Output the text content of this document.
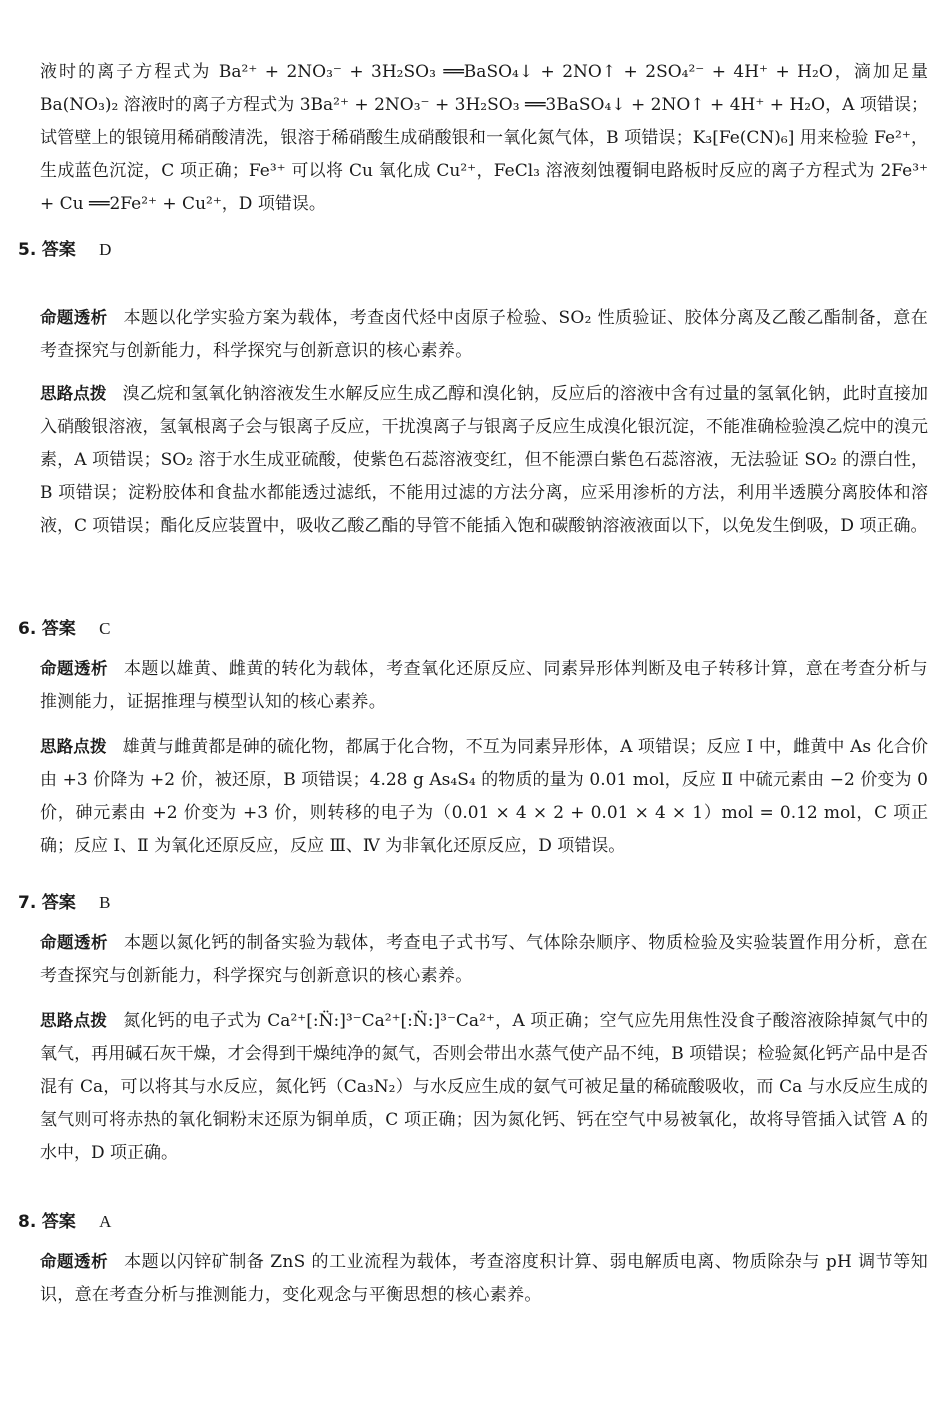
液时的离子方程式为 Ba²⁺ + 2NO₃⁻ + 3H₂SO₃ ══BaSO₄↓ + 2NO↑ + 2SO₄²⁻ + 4H⁺ + H₂O，滴加足量 Ba(NO₃)₂ 溶液时的离子方程式为 3Ba²⁺ + 2NO₃⁻ + 3H₂SO₃ ══3BaSO₄↓ + 2NO↑ + 4H⁺ + H₂O，A 项错误；试管壁上的银镜用稀硝酸清洗，银溶于稀硝酸生成硝酸银和一氧化氮气体，B 项错误；K₃[Fe(CN)₆] 用来检验 Fe²⁺，生成蓝色沉淀，C 项正确；Fe³⁺ 可以将 Cu 氧化成 Cu²⁺，FeCl₃ 溶液刻蚀覆铜电路板时反应的离子方程式为 2Fe³⁺ + Cu ══2Fe²⁺ + Cu²⁺，D 项错误。
5. 答案 D
命题透析 本题以化学实验方案为载体，考查卤代烃中卤原子检验、SO₂ 性质验证、胶体分离及乙酸乙酯制备，意在考查探究与创新能力，科学探究与创新意识的核心素养。
思路点拨 溴乙烷和氢氧化钠溶液发生水解反应生成乙醇和溴化钠，反应后的溶液中含有过量的氢氧化钠，此时直接加入硝酸银溶液，氢氧根离子会与银离子反应，干扰溴离子与银离子反应生成溴化银沉淀，不能准确检验溴乙烷中的溴元素，A 项错误；SO₂ 溶于水生成亚硫酸，使紫色石蕊溶液变红，但不能漂白紫色石蕊溶液，无法验证 SO₂ 的漂白性，B 项错误；淀粉胶体和食盐水都能透过滤纸，不能用过滤的方法分离，应采用渗析的方法，利用半透膜分离胶体和溶液，C 项错误；酯化反应装置中，吸收乙酸乙酯的导管不能插入饱和碳酸钠溶液液面以下，以免发生倒吸，D 项正确。
6. 答案 C
命题透析 本题以雄黄、雌黄的转化为载体，考查氧化还原反应、同素异形体判断及电子转移计算，意在考查分析与推测能力，证据推理与模型认知的核心素养。
思路点拨 雄黄与雌黄都是砷的硫化物，都属于化合物，不互为同素异形体，A 项错误；反应 Ⅰ 中，雌黄中 As 化合价由 +3 价降为 +2 价，被还原，B 项错误；4.28 g As₄S₄ 的物质的量为 0.01 mol，反应 Ⅱ 中硫元素由 −2 价变为 0 价，砷元素由 +2 价变为 +3 价，则转移的电子为（0.01 × 4 × 2 + 0.01 × 4 × 1）mol = 0.12 mol，C 项正确；反应 Ⅰ、Ⅱ 为氧化还原反应，反应 Ⅲ、Ⅳ 为非氧化还原反应，D 项错误。
7. 答案 B
命题透析 本题以氮化钙的制备实验为载体，考查电子式书写、气体除杂顺序、物质检验及实验装置作用分析，意在考查探究与创新能力，科学探究与创新意识的核心素养。
思路点拨 氮化钙的电子式为 Ca²⁺[:N̈:]³⁻Ca²⁺[:N̈:]³⁻Ca²⁺，A 项正确；空气应先用焦性没食子酸溶液除掉氮气中的氧气，再用碱石灰干燥，才会得到干燥纯净的氮气，否则会带出水蒸气使产品不纯，B 项错误；检验氮化钙产品中是否混有 Ca，可以将其与水反应，氮化钙（Ca₃N₂）与水反应生成的氨气可被足量的稀硫酸吸收，而 Ca 与水反应生成的氢气则可将赤热的氧化铜粉末还原为铜单质，C 项正确；因为氮化钙、钙在空气中易被氧化，故将导管插入试管 A 的水中，D 项正确。
8. 答案 A
命题透析 本题以闪锌矿制备 ZnS 的工业流程为载体，考查溶度积计算、弱电解质电离、物质除杂与 pH 调节等知识，意在考查分析与推测能力，变化观念与平衡思想的核心素养。
